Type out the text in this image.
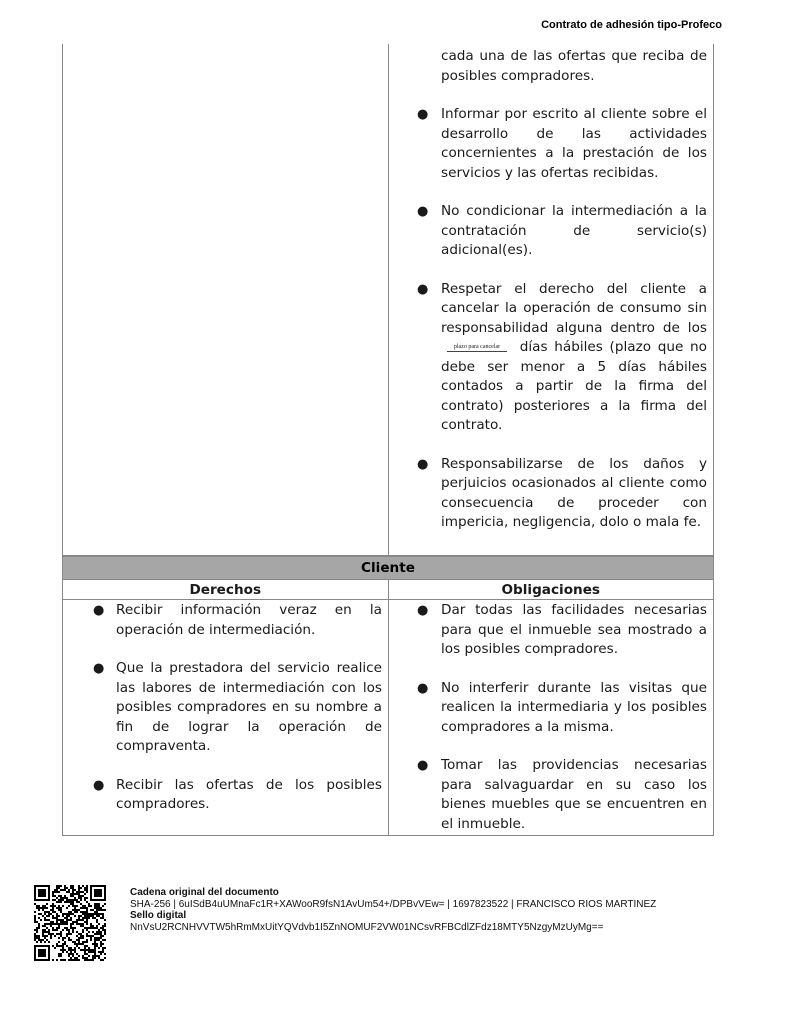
Contrato de adhesión tipo-Profeco
cada una de las ofertas que reciba de posibles compradores.
● Informar por escrito al cliente sobre el desarrollo de las actividades concernientes a la prestación de los servicios y las ofertas recibidas.
● No condicionar la intermediación a la contratación de servicio(s) adicional(es).
● Respetar el derecho del cliente a cancelar la operación de consumo sin responsabilidad alguna dentro de los plazo para cancelar días hábiles (plazo que no debe ser menor a 5 días hábiles contados a partir de la firma del contrato) posteriores a la firma del contrato.
● Responsabilizarse de los daños y perjuicios ocasionados al cliente como consecuencia de proceder con impericia, negligencia, dolo o mala fe.
Cliente
Derechos	Obligaciones
● Recibir información veraz en la operación de intermediación.
● Que la prestadora del servicio realice las labores de intermediación con los posibles compradores en su nombre a fin de lograr la operación de compraventa.
● Recibir las ofertas de los posibles compradores.
● Dar todas las facilidades necesarias para que el inmueble sea mostrado a los posibles compradores.
● No interferir durante las visitas que realicen la intermediaria y los posibles compradores a la misma.
● Tomar las providencias necesarias para salvaguardar en su caso los bienes muebles que se encuentren en el inmueble.
Cadena original del documento
SHA-256 | 6uISdB4uUMnaFc1R+XAWooR9fsN1AvUm54+/DPBvVEw= | 1697823522 | FRANCISCO RIOS MARTINEZ
Sello digital
NnVsU2RCNHVVTW5hRmMxUitYQVdvb1I5ZnNOMUF2VW01NCsvRFBCdlZFdz18MTY5NzgyMzUyMg==
